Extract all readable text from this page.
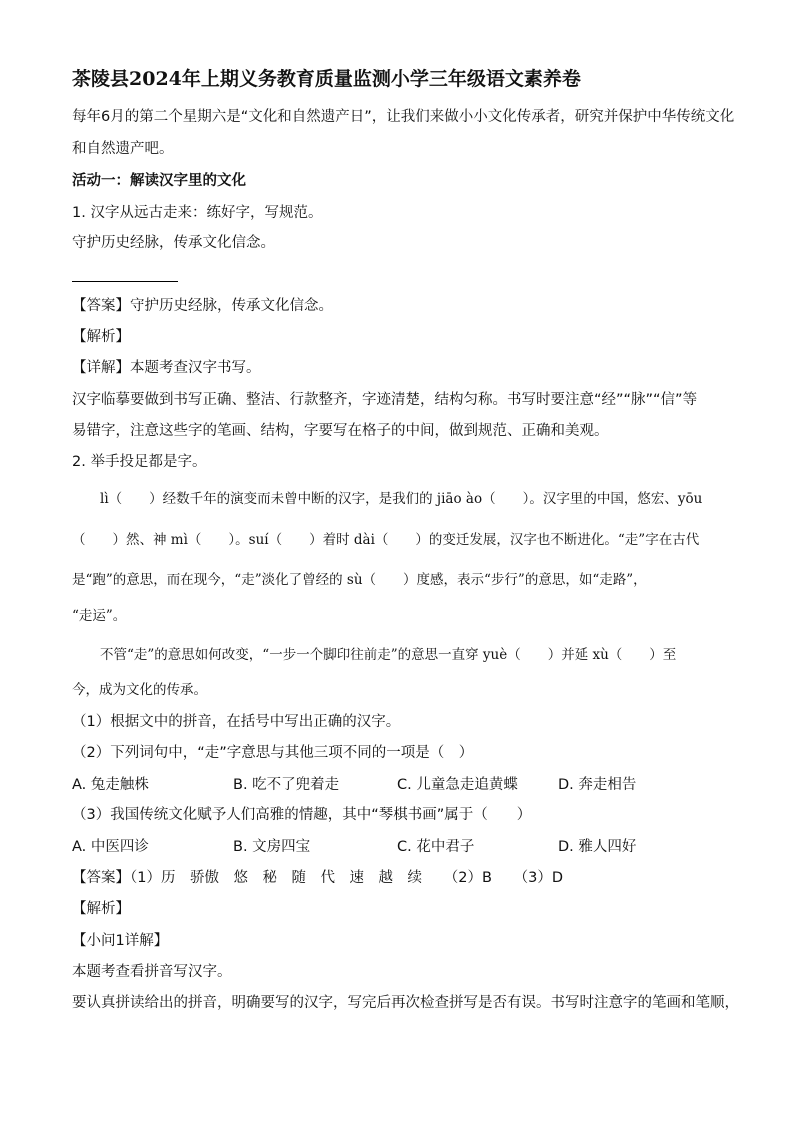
茶陵县2024年上期义务教育质量监测小学三年级语文素养卷
每年6月的第二个星期六是“文化和自然遗产日”，让我们来做小小文化传承者，研究并保护中华传统文化
和自然遗产吧。
活动一：解读汉字里的文化
1. 汉字从远古走来：练好字，写规范。
守护历史经脉，传承文化信念。
【答案】守护历史经脉，传承文化信念。
【解析】
【详解】本题考查汉字书写。
汉字临摹要做到书写正确、整洁、行款整齐，字迹清楚，结构匀称。书写时要注意“经”“脉”“信”等
易错字，注意这些字的笔画、结构，字要写在格子的中间，做到规范、正确和美观。
2. 举手投足都是字。
lì（　　）经数千年的演变而未曾中断的汉字，是我们的 jiāo ào（　　）。汉字里的中国，悠宏、yōu
（　　）然、神 mì（　　）。suí（　　）着时 dài（　　）的变迁发展，汉字也不断进化。“走”字在古代
是“跑”的意思，而在现今，“走”淡化了曾经的 sù（　　）度感，表示“步行”的意思，如“走路”，
“走运”。
不管“走”的意思如何改变，“一步一个脚印往前走”的意思一直穿 yuè（　　）并延 xù（　　）至
今，成为文化的传承。
（1）根据文中的拼音，在括号中写出正确的汉字。
（2）下列词句中，“走”字意思与其他三项不同的一项是（　）
A. 兔走触株	B. 吃不了兜着走	C. 儿童急走追黄蝶	D. 奔走相告
（3）我国传统文化赋予人们高雅的情趣，其中“琴棋书画”属于（　　）
A. 中医四诊	B. 文房四宝	C. 花中君子	D. 雅人四好
【答案】（1）历　骄傲　悠　秘　随　代　速　越　续　　（2）B　　（3）D
【解析】
【小问1详解】
本题考查看拼音写汉字。
要认真拼读给出的拼音，明确要写的汉字，写完后再次检查拼写是否有误。书写时注意字的笔画和笔顺，
